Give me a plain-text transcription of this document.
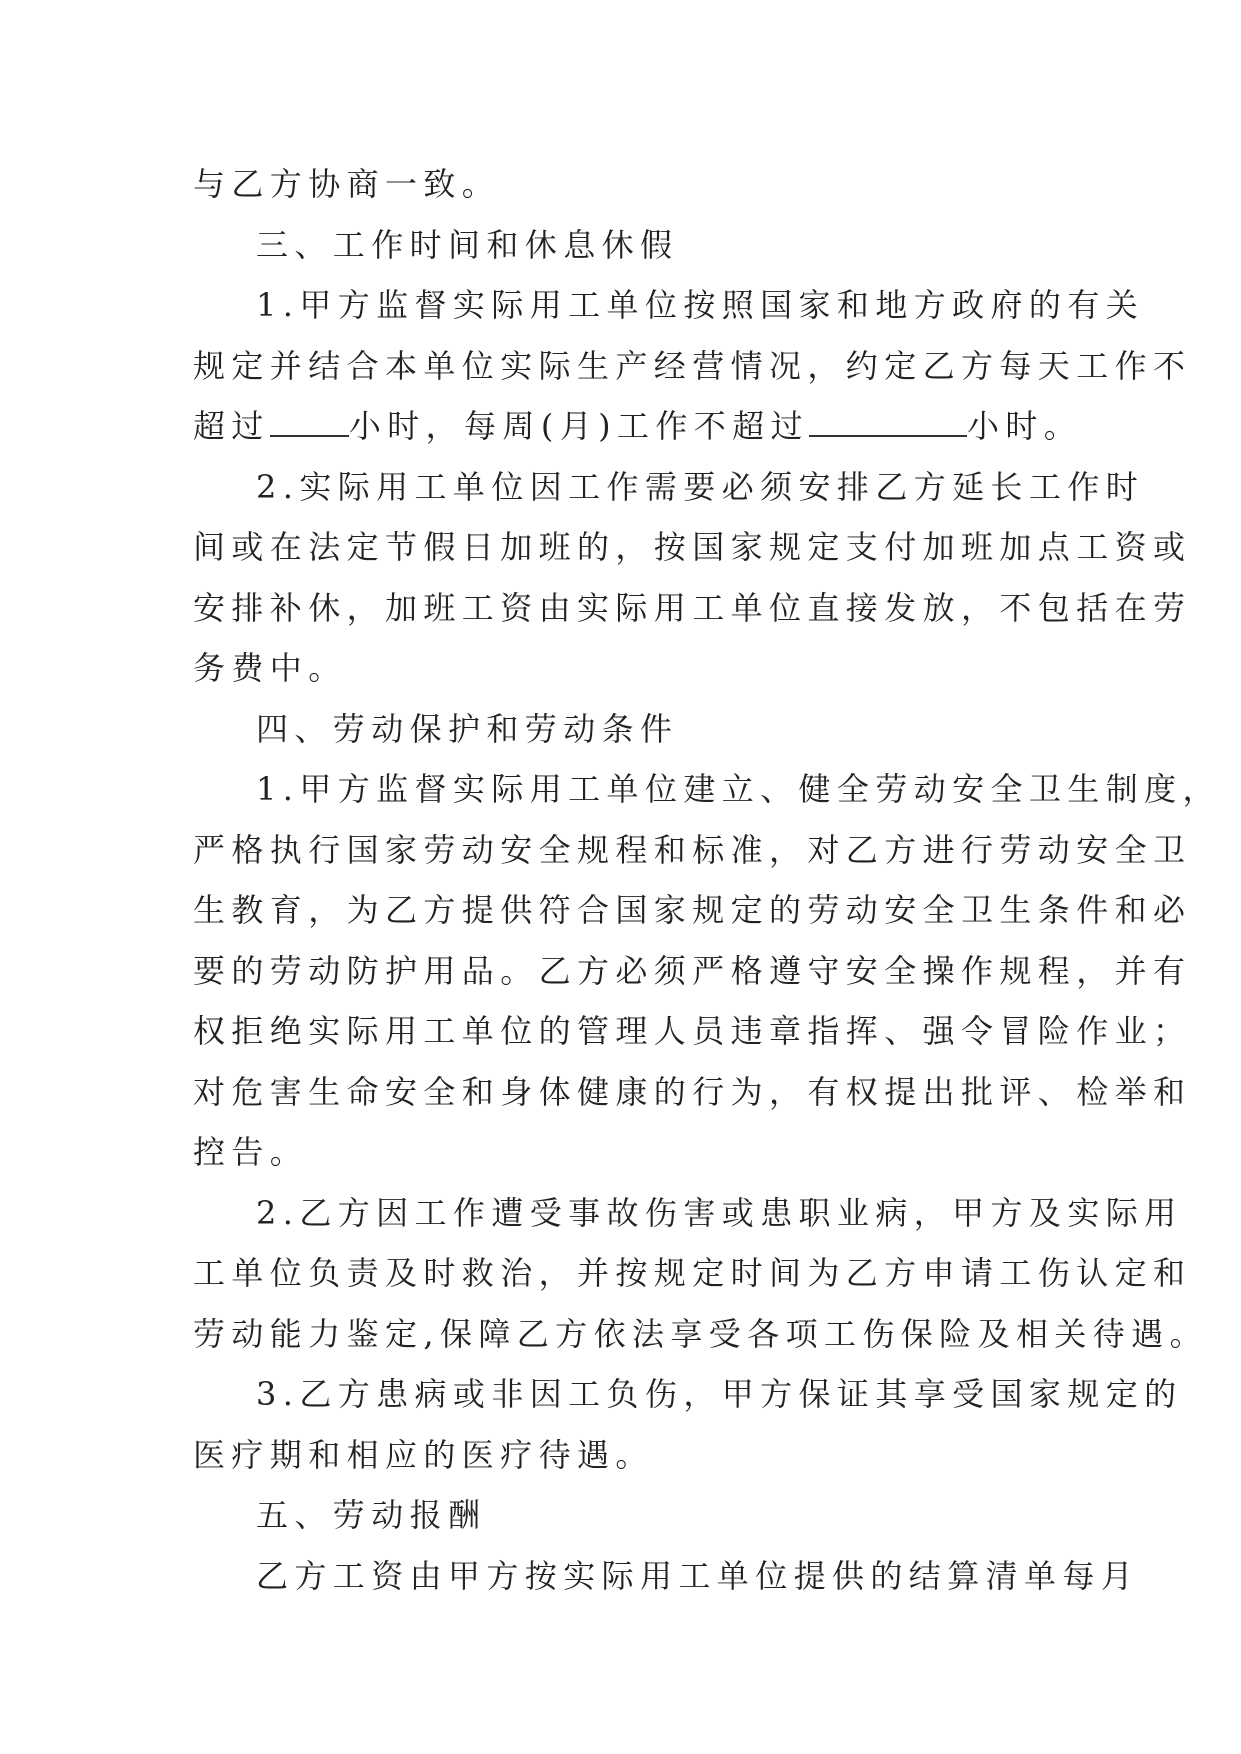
与乙方协商一致。
三、工作时间和休息休假
1.甲方监督实际用工单位按照国家和地方政府的有关
规定并结合本单位实际生产经营情况，约定乙方每天工作不
超过 小时，每周(月)工作不超过	小时。
2.实际用工单位因工作需要必须安排乙方延长工作时
间或在法定节假日加班的，按国家规定支付加班加点工资或
安排补休，加班工资由实际用工单位直接发放，不包括在劳
务费中。
四、劳动保护和劳动条件
1.甲方监督实际用工单位建立、健全劳动安全卫生制度，
严格执行国家劳动安全规程和标准，对乙方进行劳动安全卫
生教育，为乙方提供符合国家规定的劳动安全卫生条件和必
要的劳动防护用品。乙方必须严格遵守安全操作规程，并有
权拒绝实际用工单位的管理人员违章指挥、强令冒险作业；
对危害生命安全和身体健康的行为，有权提出批评、检举和
控告。
2.乙方因工作遭受事故伤害或患职业病，甲方及实际用
工单位负责及时救治，并按规定时间为乙方申请工伤认定和
劳动能力鉴定,保障乙方依法享受各项工伤保险及相关待遇。
3.乙方患病或非因工负伤，甲方保证其享受国家规定的
医疗期和相应的医疗待遇。
五、劳动报酬
乙方工资由甲方按实际用工单位提供的结算清单每月
